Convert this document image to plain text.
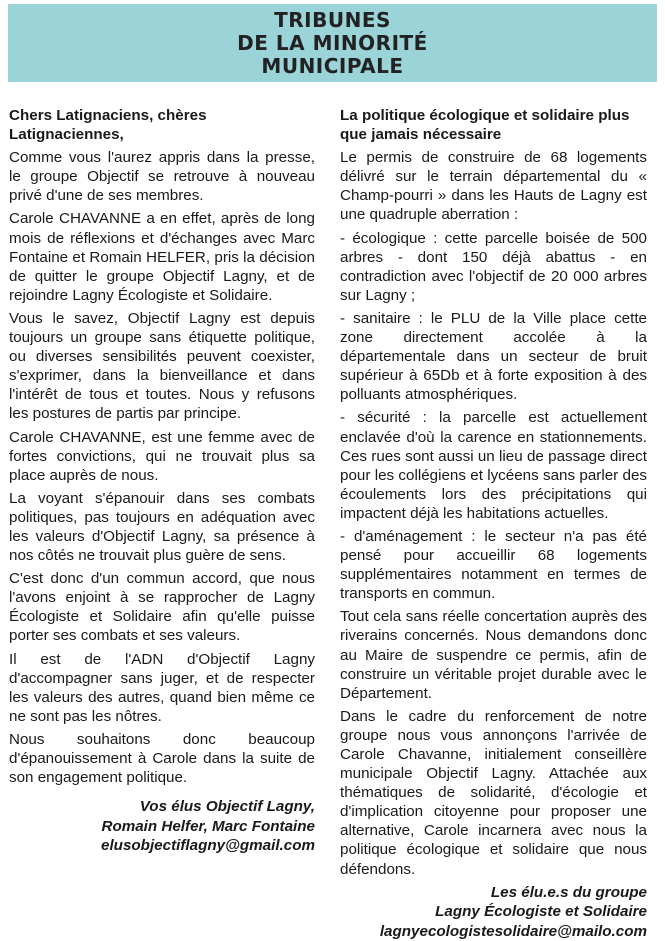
TRIBUNES
DE LA MINORITÉ
MUNICIPALE

Chers Latignaciens, chères Latignaciennes,

Comme vous l'aurez appris dans la presse, le groupe Objectif se retrouve à nouveau privé d'une de ses membres.

Carole CHAVANNE a en effet, après de long mois de réflexions et d'échanges avec Marc Fontaine et Romain HELFER, pris la décision de quitter le groupe Objectif Lagny, et de rejoindre Lagny Écologiste et Solidaire.

Vous le savez, Objectif Lagny est depuis toujours un groupe sans étiquette politique, ou diverses sensibilités peuvent coexister, s'exprimer, dans la bienveillance et dans l'intérêt de tous et toutes. Nous y refusons les postures de partis par principe.

Carole CHAVANNE, est une femme avec de fortes convictions, qui ne trouvait plus sa place auprès de nous.

La voyant s'épanouir dans ses combats politiques, pas toujours en adéquation avec les valeurs d'Objectif Lagny, sa présence à nos côtés ne trouvait plus guère de sens.

C'est donc d'un commun accord, que nous l'avons enjoint à se rapprocher de Lagny Écologiste et Solidaire afin qu'elle puisse porter ses combats et ses valeurs.

Il est de l'ADN d'Objectif Lagny d'accompagner sans juger, et de respecter les valeurs des autres, quand bien même ce ne sont pas les nôtres.

Nous souhaitons donc beaucoup d'épanouissement à Carole dans la suite de son engagement politique.

Vos élus Objectif Lagny,
Romain Helfer, Marc Fontaine
elusobjectiflagny@gmail.com

La politique écologique et solidaire plus que jamais nécessaire

Le permis de construire de 68 logements délivré sur le terrain départemental du « Champ-pourri » dans les Hauts de Lagny est une quadruple aberration :

- écologique : cette parcelle boisée de 500 arbres - dont 150 déjà abattus - en contradiction avec l'objectif de 20 000 arbres sur Lagny ;

- sanitaire : le PLU de la Ville place cette zone directement accolée à la départementale dans un secteur de bruit supérieur à 65Db et à forte exposition à des polluants atmosphériques.

- sécurité : la parcelle est actuellement enclavée d'où la carence en stationnements. Ces rues sont aussi un lieu de passage direct pour les collégiens et lycéens sans parler des écoulements lors des précipitations qui impactent déjà les habitations actuelles.

- d'aménagement : le secteur n'a pas été pensé pour accueillir 68 logements supplémentaires notamment en termes de transports en commun.

Tout cela sans réelle concertation auprès des riverains concernés. Nous demandons donc au Maire de suspendre ce permis, afin de construire un véritable projet durable avec le Département.

Dans le cadre du renforcement de notre groupe nous vous annonçons l'arrivée de Carole Chavanne, initialement conseillère municipale Objectif Lagny. Attachée aux thématiques de solidarité, d'écologie et d'implication citoyenne pour proposer une alternative, Carole incarnera avec nous la politique écologique et solidaire que nous défendons.

Les élu.e.s du groupe
Lagny Écologiste et Solidaire
lagnyecologistesolidaire@mailo.com
